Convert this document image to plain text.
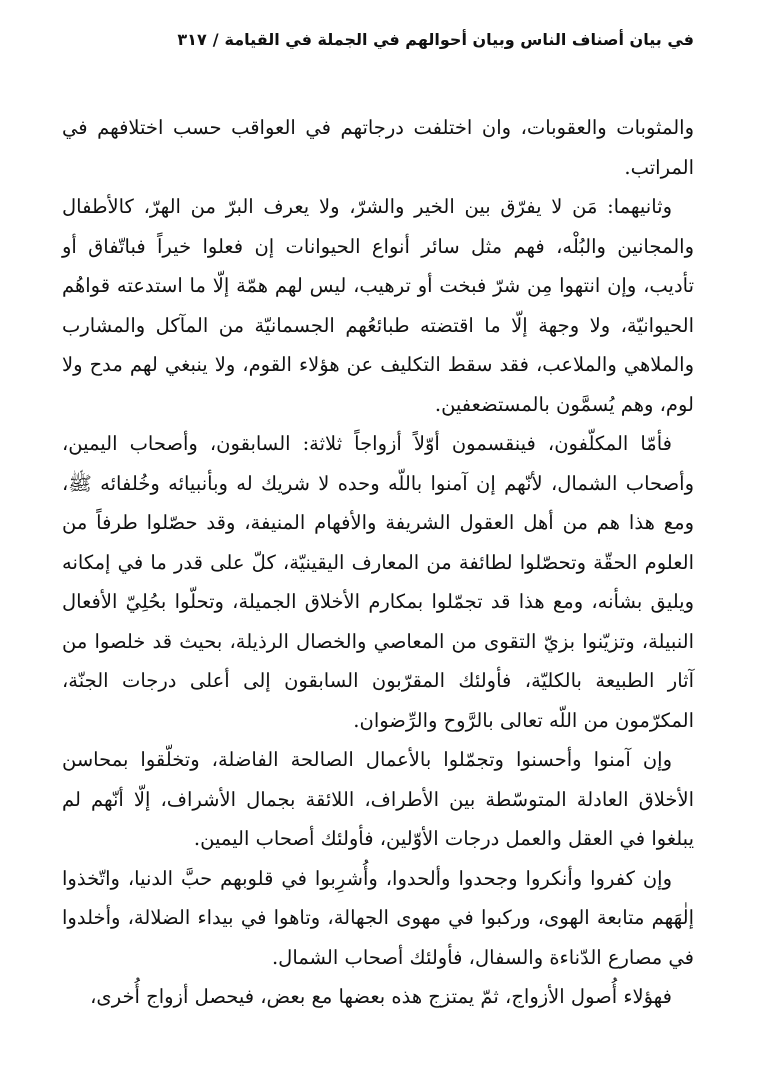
في بيان أصناف الناس وبيان أحوالهم في الجملة في القيامة
/
٣١٧

والمثوبات والعقوبات، وان اختلفت درجاتهم في العواقب حسب اختلافهم في المراتب.

وثانيهما: مَن لا يفرّق بين الخير والشرّ، ولا يعرف البرّ من الهرّ، كالأطفال والمجانين والبُلْه، فهم مثل سائر أنواع الحيوانات إن فعلوا خيراً فباتّفاق أو تأديب، وإن انتهوا مِن شرّ فبخت أو ترهيب، ليس لهم همّة إلّا ما استدعته قواهُم الحيوانيّة، ولا وجهة إلّا ما اقتضته طبائعُهم الجسمانيّة من المآكل والمشارب والملاهي والملاعب، فقد سقط التكليف عن هؤلاء القوم، ولا ينبغي لهم مدح ولا لوم، وهم يُسمَّون بالمستضعفين.

فأمّا المكلّفون، فينقسمون أوّلاً أزواجاً ثلاثة: السابقون، وأصحاب اليمين، وأصحاب الشمال، لأنّهم إن آمنوا باللّه وحده لا شريك له وبأنبيائه وخُلفائه ﷺ، ومع هذا هم من أهل العقول الشريفة والأفهام المنيفة، وقد حصّلوا طرفاً من العلوم الحقّة وتحصّلوا لطائفة من المعارف اليقينيّة، كلّ على قدر ما في إمكانه ويليق بشأنه، ومع هذا قد تجمّلوا بمكارم الأخلاق الجميلة، وتحلّوا بحُلِيّ الأفعال النبيلة، وتزيّنوا بزيّ التقوى من المعاصي والخصال الرذيلة، بحيث قد خلصوا من آثار الطبيعة بالكليّة، فأولئك المقرّبون السابقون إلى أعلى درجات الجنّة، المكرّمون من اللّه تعالى بالرَّوح والرِّضوان.

وإن آمنوا وأحسنوا وتجمّلوا بالأعمال الصالحة الفاضلة، وتخلّقوا بمحاسن الأخلاق العادلة المتوسّطة بين الأطراف، اللائقة بجمال الأشراف، إلّا أنّهم لم يبلغوا في العقل والعمل درجات الأوّلين، فأولئك أصحاب اليمين.

وإن كفروا وأنكروا وجحدوا وألحدوا، وأُشرِبوا في قلوبهم حبَّ الدنيا، واتّخذوا إلٰهَهم متابعة الهوى، وركبوا في مهوى الجهالة، وتاهوا في بيداء الضلالة، وأخلدوا في مصارع الدّناءة والسفال، فأولئك أصحاب الشمال.

فهؤلاء أُصول الأزواج، ثمّ يمتزج هذه بعضها مع بعض، فيحصل أزواج أُخرى،
